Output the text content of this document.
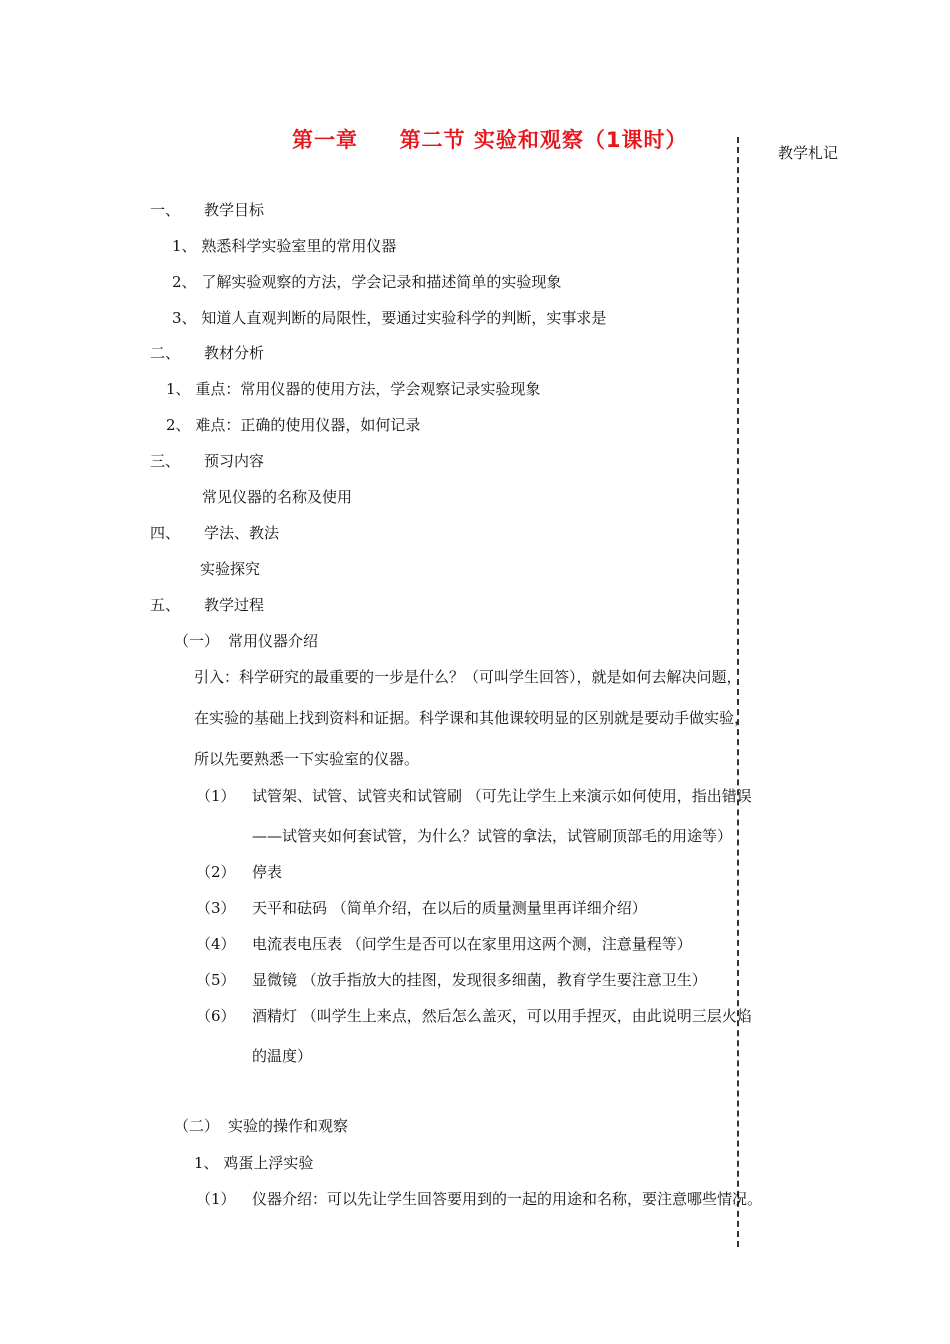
第一章 第二节 实验和观察（1课时）
教学札记
一、 教学目标
1、 熟悉科学实验室里的常用仪器
2、 了解实验观察的方法，学会记录和描述简单的实验现象
3、 知道人直观判断的局限性，要通过实验科学的判断，实事求是
二、 教材分析
1、 重点：常用仪器的使用方法，学会观察记录实验现象
2、 难点：正确的使用仪器，如何记录
三、 预习内容
常见仪器的名称及使用
四、 学法、教法
实验探究
五、 教学过程
（一） 常用仪器介绍
引入：科学研究的最重要的一步是什么？（可叫学生回答），就是如何去解决问题，
在实验的基础上找到资料和证据。科学课和其他课较明显的区别就是要动手做实验，
所以先要熟悉一下实验室的仪器。
（1） 试管架、试管、试管夹和试管刷 （可先让学生上来演示如何使用，指出错误
——试管夹如何套试管，为什么？试管的拿法，试管刷顶部毛的用途等）
（2） 停表
（3） 天平和砝码 （简单介绍，在以后的质量测量里再详细介绍）
（4） 电流表电压表 （问学生是否可以在家里用这两个测，注意量程等）
（5） 显微镜 （放手指放大的挂图，发现很多细菌，教育学生要注意卫生）
（6） 酒精灯 （叫学生上来点，然后怎么盖灭，可以用手捏灭，由此说明三层火焰
的温度）
（二） 实验的操作和观察
1、 鸡蛋上浮实验
（1） 仪器介绍：可以先让学生回答要用到的一起的用途和名称，要注意哪些情况。
